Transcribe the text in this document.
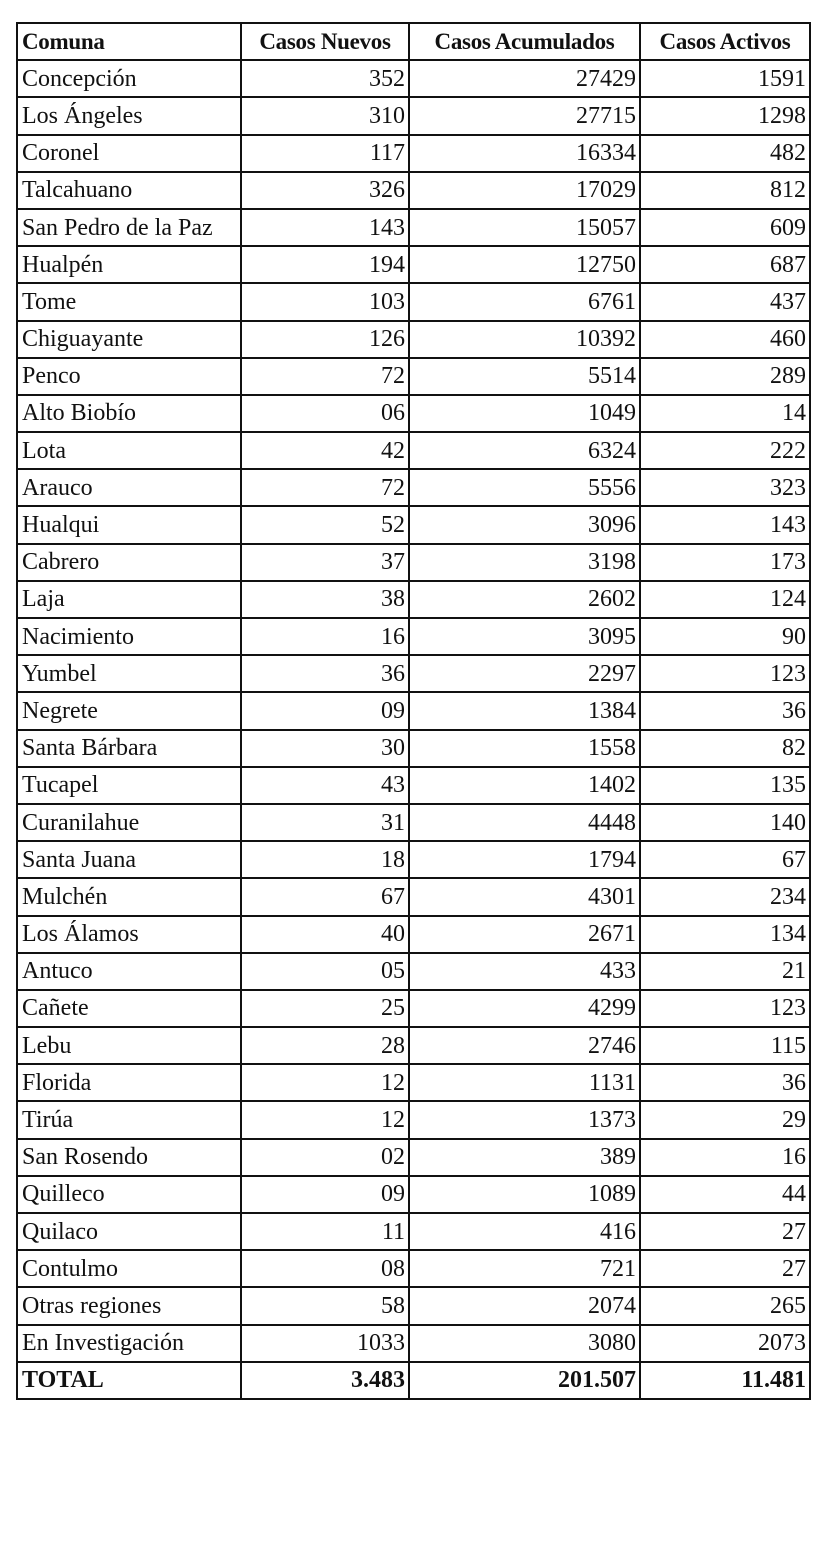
Comuna	Casos Nuevos	Casos Acumulados	Casos Activos
Concepción	352	27429	1591
Los Ángeles	310	27715	1298
Coronel	117	16334	482
Talcahuano	326	17029	812
San Pedro de la Paz	143	15057	609
Hualpén	194	12750	687
Tome	103	6761	437
Chiguayante	126	10392	460
Penco	72	5514	289
Alto Biobío	06	1049	14
Lota	42	6324	222
Arauco	72	5556	323
Hualqui	52	3096	143
Cabrero	37	3198	173
Laja	38	2602	124
Nacimiento	16	3095	90
Yumbel	36	2297	123
Negrete	09	1384	36
Santa Bárbara	30	1558	82
Tucapel	43	1402	135
Curanilahue	31	4448	140
Santa Juana	18	1794	67
Mulchén	67	4301	234
Los Álamos	40	2671	134
Antuco	05	433	21
Cañete	25	4299	123
Lebu	28	2746	115
Florida	12	1131	36
Tirúa	12	1373	29
San Rosendo	02	389	16
Quilleco	09	1089	44
Quilaco	11	416	27
Contulmo	08	721	27
Otras regiones	58	2074	265
En Investigación	1033	3080	2073
TOTAL	3.483	201.507	11.481
